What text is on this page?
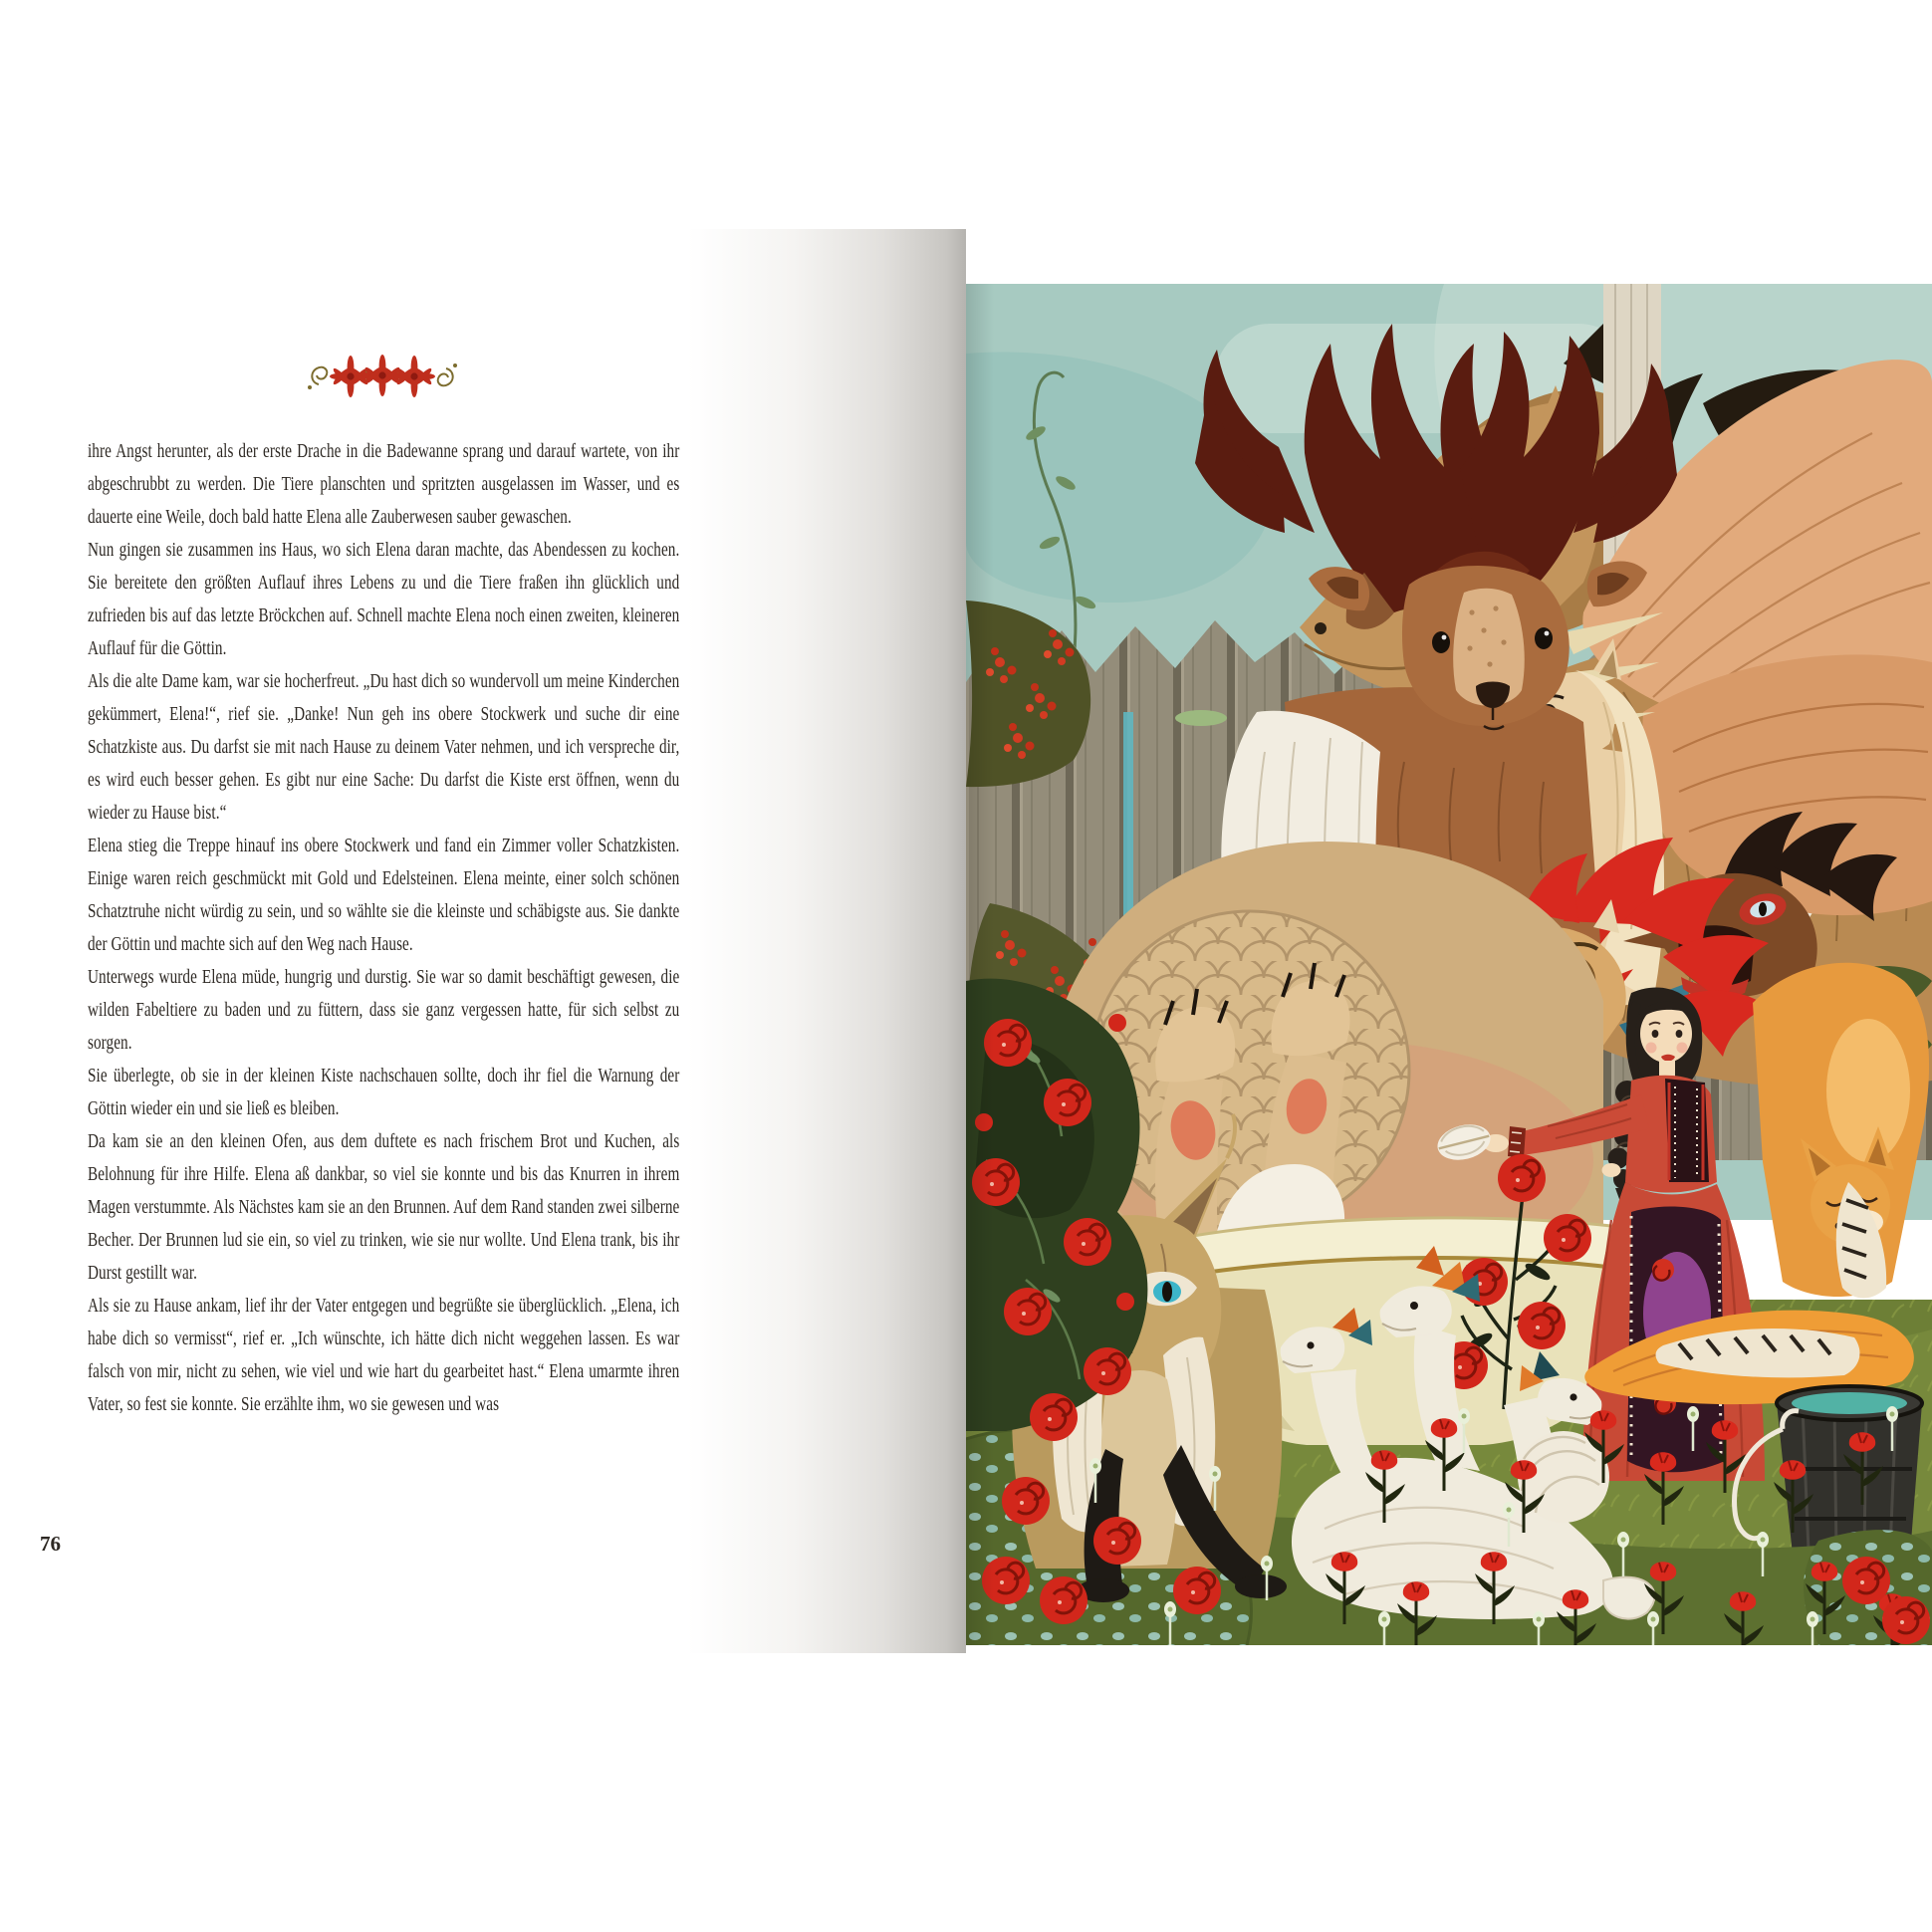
ihre Angst herunter, als der erste Drache in die Badewanne sprang und darauf wartete, von ihr abgeschrubbt zu werden. Die Tiere planschten und spritzten ausgelassen im Wasser, und es dauerte eine Weile, doch bald hatte Elena alle Zauberwesen sauber gewaschen.

Nun gingen sie zusammen ins Haus, wo sich Elena daran machte, das Abendessen zu kochen. Sie bereitete den größten Auflauf ihres Lebens zu und die Tiere fraßen ihn glücklich und zufrieden bis auf das letzte Bröckchen auf. Schnell machte Elena noch einen zweiten, kleineren Auflauf für die Göttin.

Als die alte Dame kam, war sie hocherfreut. „Du hast dich so wundervoll um meine Kinderchen gekümmert, Elena!“, rief sie. „Danke! Nun geh ins obere Stockwerk und suche dir eine Schatzkiste aus. Du darfst sie mit nach Hause zu deinem Vater nehmen, und ich verspreche dir, es wird euch besser gehen. Es gibt nur eine Sache: Du darfst die Kiste erst öffnen, wenn du wieder zu Hause bist.“

Elena stieg die Treppe hinauf ins obere Stockwerk und fand ein Zimmer voller Schatzkisten. Einige waren reich geschmückt mit Gold und Edelsteinen. Elena meinte, einer solch schönen Schatztruhe nicht würdig zu sein, und so wählte sie die kleinste und schäbigste aus. Sie dankte der Göttin und machte sich auf den Weg nach Hause.

Unterwegs wurde Elena müde, hungrig und durstig. Sie war so damit beschäftigt gewesen, die wilden Fabeltiere zu baden und zu füttern, dass sie ganz vergessen hatte, für sich selbst zu sorgen.

Sie überlegte, ob sie in der kleinen Kiste nachschauen sollte, doch ihr fiel die Warnung der Göttin wieder ein und sie ließ es bleiben.

Da kam sie an den kleinen Ofen, aus dem duftete es nach frischem Brot und Kuchen, als Belohnung für ihre Hilfe. Elena aß dankbar, so viel sie konnte und bis das Knurren in ihrem Magen verstummte. Als Nächstes kam sie an den Brunnen. Auf dem Rand standen zwei silberne Becher. Der Brunnen lud sie ein, so viel zu trinken, wie sie nur wollte. Und Elena trank, bis ihr Durst gestillt war.

Als sie zu Hause ankam, lief ihr der Vater entgegen und begrüßte sie überglücklich. „Elena, ich habe dich so vermisst“, rief er. „Ich wünschte, ich hätte dich nicht weggehen lassen. Es war falsch von mir, nicht zu sehen, wie viel und wie hart du gearbeitet hast.“ Elena umarmte ihren Vater, so fest sie konnte. Sie erzählte ihm, wo sie gewesen und was

76
